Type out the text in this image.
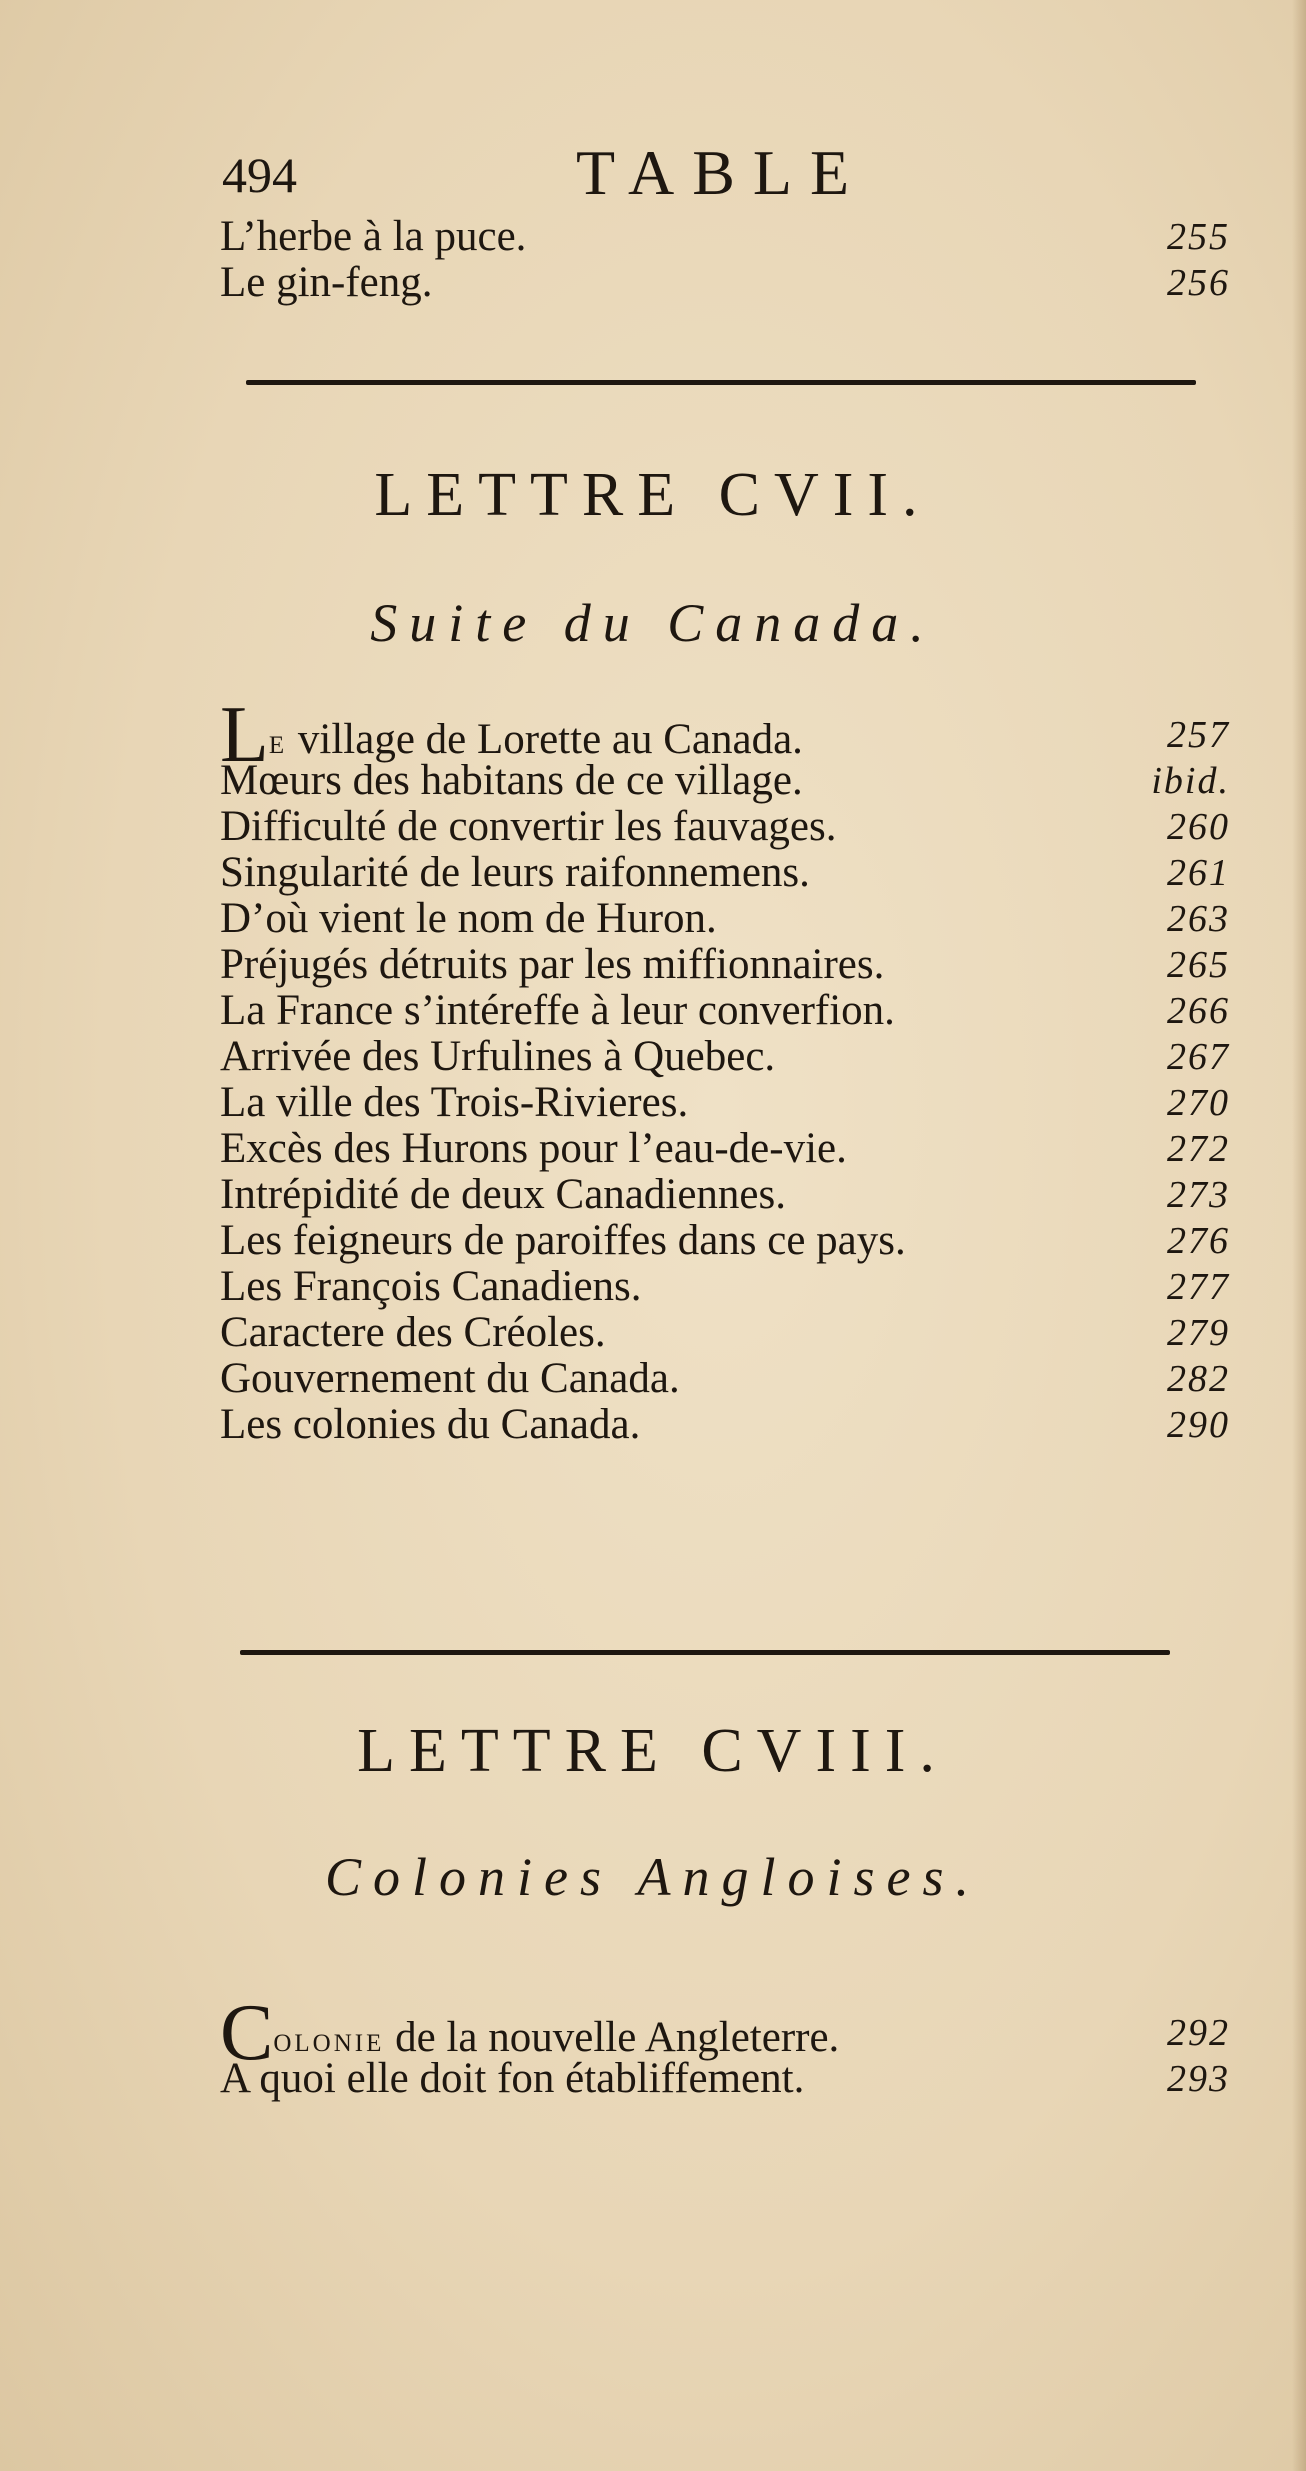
494	TABLE
L’herbe à la puce.	255
Le gin-feng.	256
LETTRE CVII.
Suite du Canada.
Le village de Lorette au Canada.	257
Mœurs des habitans de ce village.	ibid.
Difficulté de convertir les fauvages.	260
Singularité de leurs raifonnemens.	261
D’où vient le nom de Huron.	263
Préjugés détruits par les miffionnaires.	265
La France s’intéreffe à leur converfion.	266
Arrivée des Urfulines à Quebec.	267
La ville des Trois-Rivieres.	270
Excès des Hurons pour l’eau-de-vie.	272
Intrépidité de deux Canadiennes.	273
Les feigneurs de paroiffes dans ce pays.	276
Les François Canadiens.	277
Caractere des Créoles.	279
Gouvernement du Canada.	282
Les colonies du Canada.	290
LETTRE CVIII.
Colonies Angloises.
Colonie de la nouvelle Angleterre.	292
A quoi elle doit fon établiffement.	293
